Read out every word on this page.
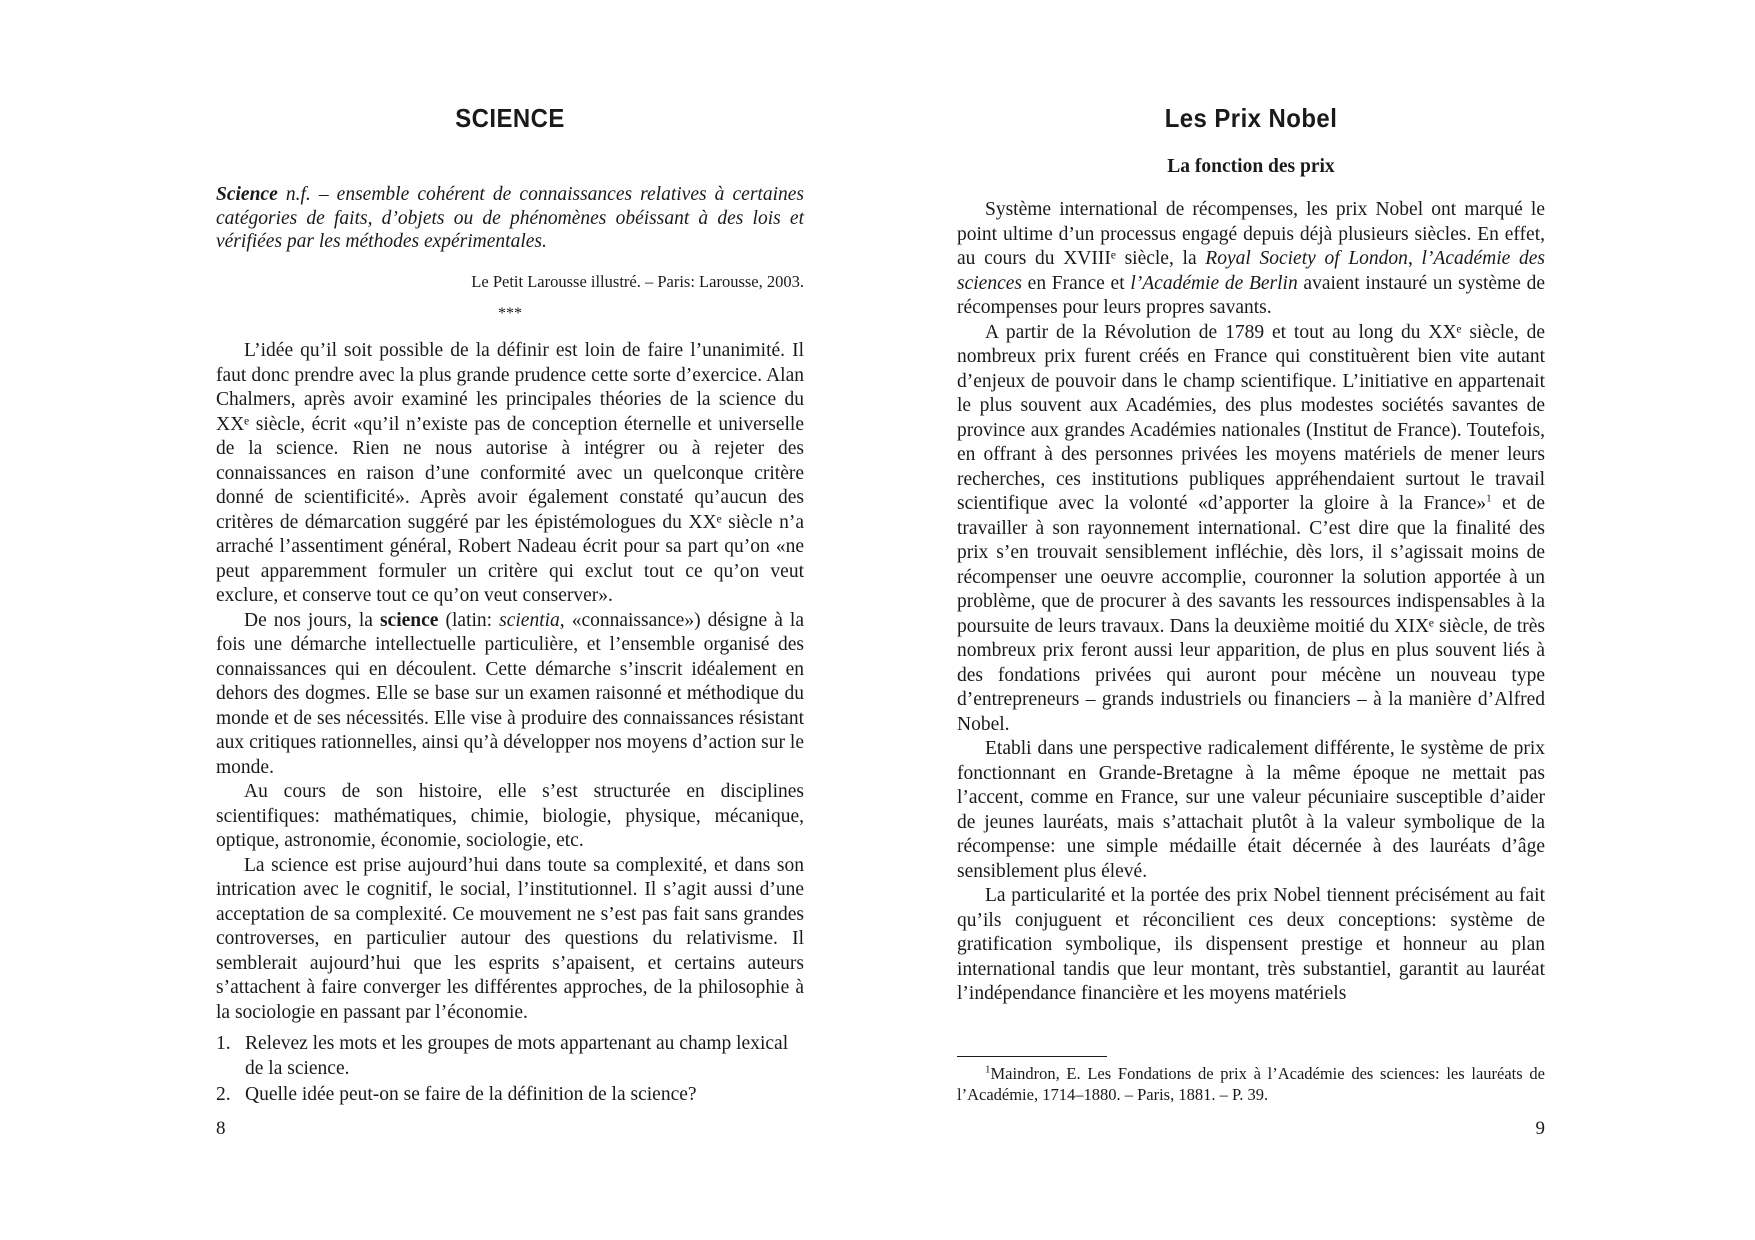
SCIENCE
Science n.f. – ensemble cohérent de connaissances relatives à certaines catégories de faits, d’objets ou de phénomènes obéissant à des lois et vérifiées par les méthodes expérimentales.
Le Petit Larousse illustré. – Paris: Larousse, 2003.
***

L’idée qu’il soit possible de la définir est loin de faire l’unanimité. Il faut donc prendre avec la plus grande prudence cette sorte d’exercice. Alan Chalmers, après avoir examiné les principales théories de la science du XXᵉ siècle, écrit «qu’il n’existe pas de conception éternelle et universelle de la science. Rien ne nous autorise à intégrer ou à rejeter des connaissances en raison d’une conformité avec un quelconque critère donné de scientificité». Après avoir également constaté qu’aucun des critères de démarcation suggéré par les épistémologues du XXᵉ siècle n’a arraché l’assentiment général, Robert Nadeau écrit pour sa part qu’on «ne peut apparemment formuler un critère qui exclut tout ce qu’on veut exclure, et conserve tout ce qu’on veut conserver».

De nos jours, la science (latin: scientia, «connaissance») désigne à la fois une démarche intellectuelle particulière, et l’ensemble organisé des connaissances qui en découlent. Cette démarche s’inscrit idéalement en dehors des dogmes. Elle se base sur un examen raisonné et méthodique du monde et de ses nécessités. Elle vise à produire des connaissances résistant aux critiques rationnelles, ainsi qu’à développer nos moyens d’action sur le monde.

Au cours de son histoire, elle s’est structurée en disciplines scientifiques: mathématiques, chimie, biologie, physique, mécanique, optique, astronomie, économie, sociologie, etc.

La science est prise aujourd’hui dans toute sa complexité, et dans son intrication avec le cognitif, le social, l’institutionnel. Il s’agit aussi d’une acceptation de sa complexité. Ce mouvement ne s’est pas fait sans grandes controverses, en particulier autour des questions du relativisme. Il semblerait aujourd’hui que les esprits s’apaisent, et certains auteurs s’attachent à faire converger les différentes approches, de la philosophie à la sociologie en passant par l’économie.

1. Relevez les mots et les groupes de mots appartenant au champ lexical de la science.
2. Quelle idée peut-on se faire de la définition de la science?
8
Les Prix Nobel
La fonction des prix

Système international de récompenses, les prix Nobel ont marqué le point ultime d’un processus engagé depuis déjà plusieurs siècles. En effet, au cours du XVIIIᵉ siècle, la Royal Society of London, l’Académie des sciences en France et l’Académie de Berlin avaient instauré un système de récompenses pour leurs propres savants.

A partir de la Révolution de 1789 et tout au long du XXᵉ siècle, de nombreux prix furent créés en France qui constituèrent bien vite autant d’enjeux de pouvoir dans le champ scientifique. L’initiative en appartenait le plus souvent aux Académies, des plus modestes sociétés savantes de province aux grandes Académies nationales (Institut de France). Toutefois, en offrant à des personnes privées les moyens matériels de mener leurs recherches, ces institutions publiques appréhendaient surtout le travail scientifique avec la volonté «d’apporter la gloire à la France»$^1$ et de travailler à son rayonnement international. C’est dire que la finalité des prix s’en trouvait sensiblement infléchie, dès lors, il s’agissait moins de récompenser une oeuvre accomplie, couronner la solution apportée à un problème, que de procurer à des savants les ressources indispensables à la poursuite de leurs travaux. Dans la deuxième moitié du XIXᵉ siècle, de très nombreux prix feront aussi leur apparition, de plus en plus souvent liés à des fondations privées qui auront pour mécène un nouveau type d’entrepreneurs – grands industriels ou financiers – à la manière d’Alfred Nobel.

Etabli dans une perspective radicalement différente, le système de prix fonctionnant en Grande-Bretagne à la même époque ne mettait pas l’accent, comme en France, sur une valeur pécuniaire susceptible d’aider de jeunes lauréats, mais s’attachait plutôt à la valeur symbolique de la récompense: une simple médaille était décernée à des lauréats d’âge sensiblement plus élevé.

La particularité et la portée des prix Nobel tiennent précisément au fait qu’ils conjuguent et réconcilient ces deux conceptions: système de gratification symbolique, ils dispensent prestige et honneur au plan international tandis que leur montant, très substantiel, garantit au lauréat l’indépendance financière et les moyens matériels

$^1$Maindron, E. Les Fondations de prix à l’Académie des sciences: les lauréats de l’Académie, 1714–1880. – Paris, 1881. – P. 39.

9
